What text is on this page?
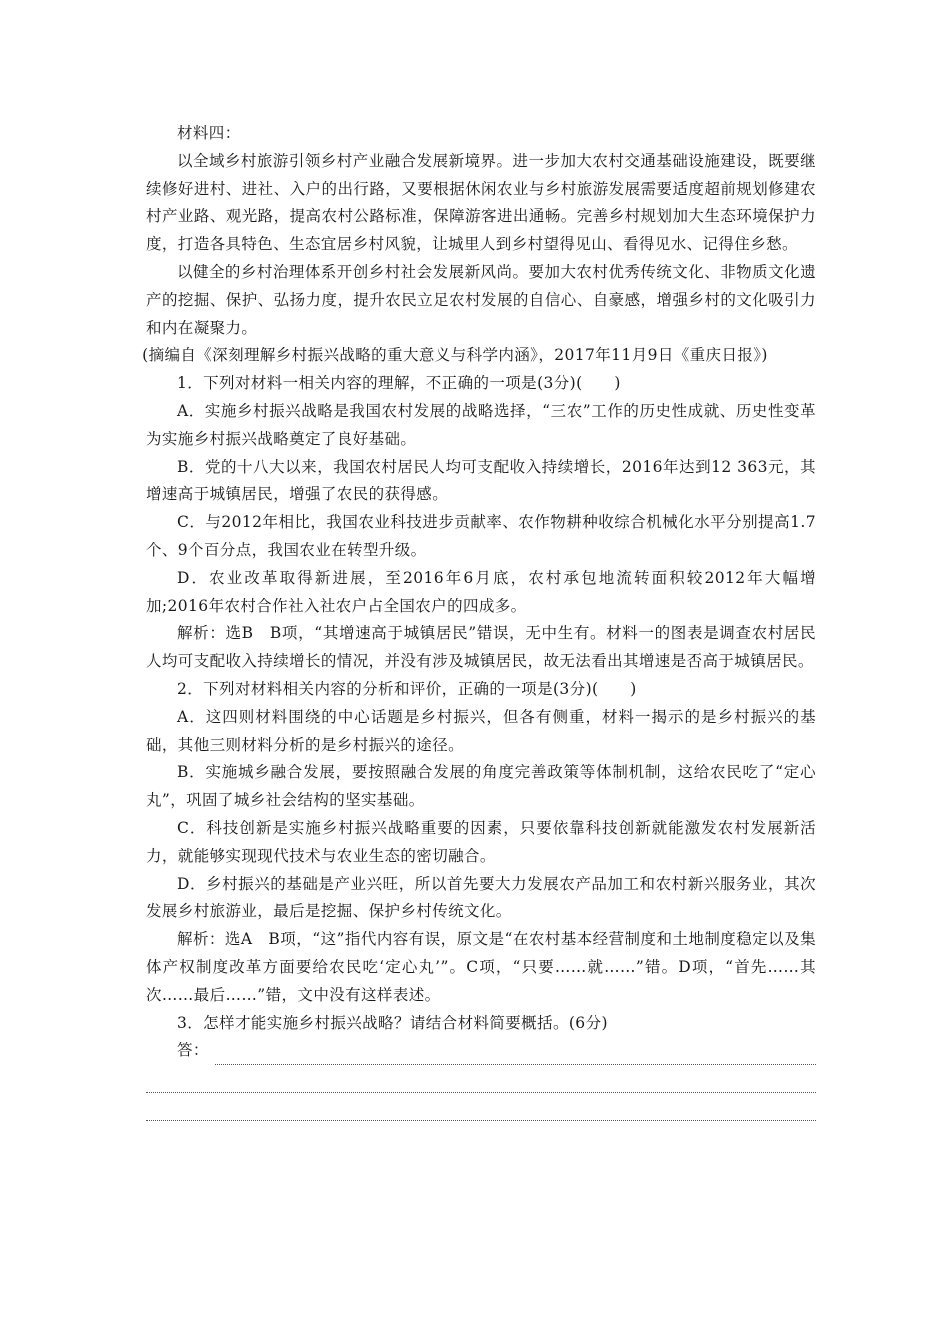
材料四：

以全域乡村旅游引领乡村产业融合发展新境界。进一步加大农村交通基础设施建设，既要继续修好进村、进社、入户的出行路，又要根据休闲农业与乡村旅游发展需要适度超前规划修建农村产业路、观光路，提高农村公路标准，保障游客进出通畅。完善乡村规划加大生态环境保护力度，打造各具特色、生态宜居乡村风貌，让城里人到乡村望得见山、看得见水、记得住乡愁。

以健全的乡村治理体系开创乡村社会发展新风尚。要加大农村优秀传统文化、非物质文化遗产的挖掘、保护、弘扬力度，提升农民立足农村发展的自信心、自豪感，增强乡村的文化吸引力和内在凝聚力。

(摘编自《深刻理解乡村振兴战略的重大意义与科学内涵》，2017年11月9日《重庆日报》)

1．下列对材料一相关内容的理解，不正确的一项是(3分)(　　)

A．实施乡村振兴战略是我国农村发展的战略选择，“三农”工作的历史性成就、历史性变革为实施乡村振兴战略奠定了良好基础。

B．党的十八大以来，我国农村居民人均可支配收入持续增长，2016年达到12 363元，其增速高于城镇居民，增强了农民的获得感。

C．与2012年相比，我国农业科技进步贡献率、农作物耕种收综合机械化水平分别提高1.7个、9个百分点，我国农业在转型升级。

D．农业改革取得新进展，至2016年6月底，农村承包地流转面积较2012年大幅增加;2016年农村合作社入社农户占全国农户的四成多。

解析：选B　B项，“其增速高于城镇居民”错误，无中生有。材料一的图表是调查农村居民人均可支配收入持续增长的情况，并没有涉及城镇居民，故无法看出其增速是否高于城镇居民。

2．下列对材料相关内容的分析和评价，正确的一项是(3分)(　　)

A．这四则材料围绕的中心话题是乡村振兴，但各有侧重，材料一揭示的是乡村振兴的基础，其他三则材料分析的是乡村振兴的途径。

B．实施城乡融合发展，要按照融合发展的角度完善政策等体制机制，这给农民吃了“定心丸”，巩固了城乡社会结构的坚实基础。

C．科技创新是实施乡村振兴战略重要的因素，只要依靠科技创新就能激发农村发展新活力，就能够实现现代技术与农业生态的密切融合。

D．乡村振兴的基础是产业兴旺，所以首先要大力发展农产品加工和农村新兴服务业，其次发展乡村旅游业，最后是挖掘、保护乡村传统文化。

解析：选A　B项，“这”指代内容有误，原文是“在农村基本经营制度和土地制度稳定以及集体产权制度改革方面要给农民吃‘定心丸’”。C项，“只要……就……”错。D项，“首先……其次……最后……”错，文中没有这样表述。

3．怎样才能实施乡村振兴战略？请结合材料简要概括。(6分)

答：
